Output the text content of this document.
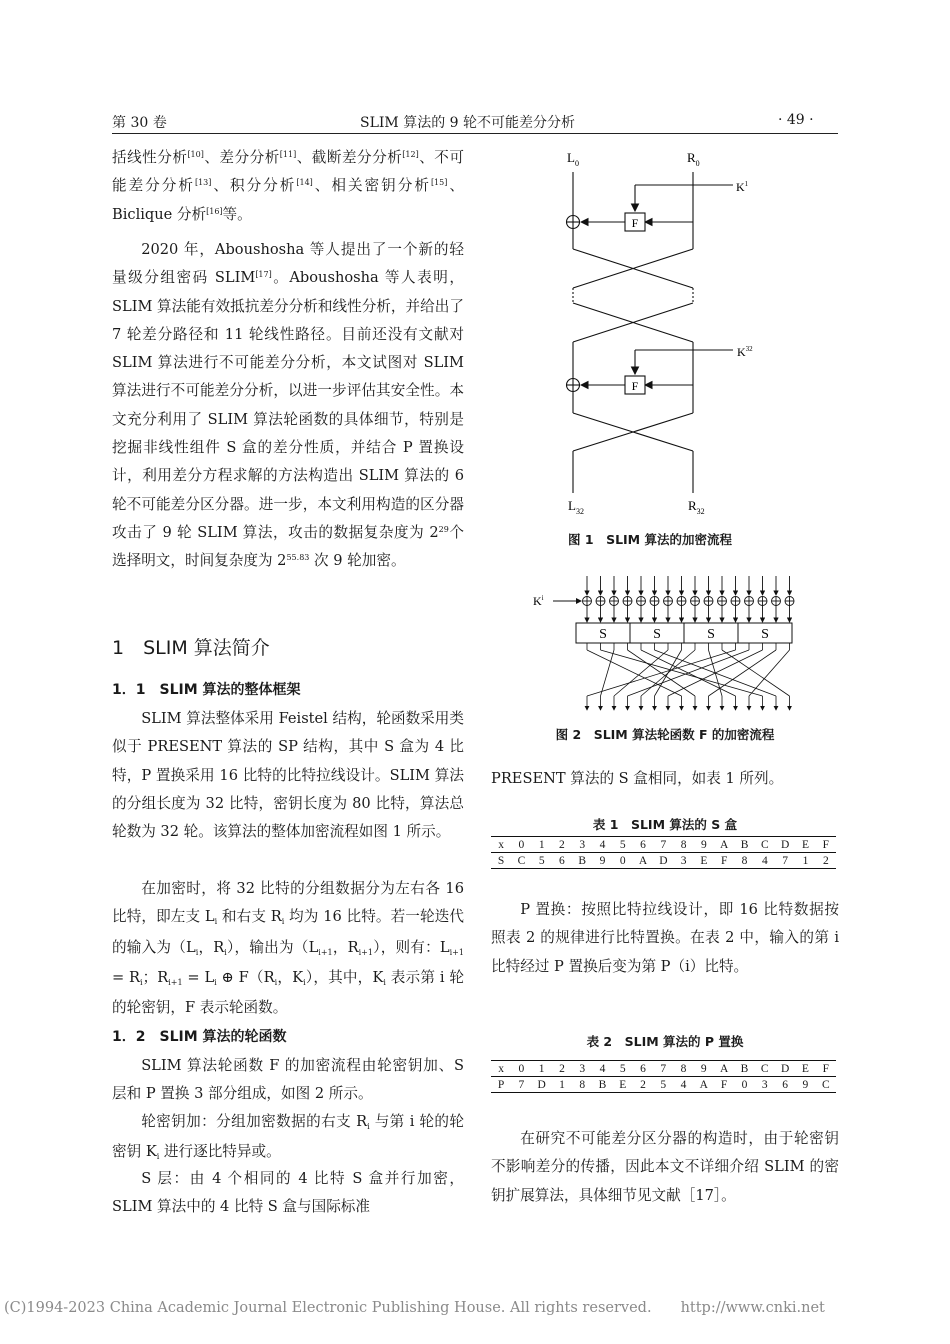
第 30 卷	SLIM 算法的 9 轮不可能差分分析	· 49 ·
括线性分析[10]、差分分析[11]、截断差分分析[12]、不可能差分分析[13]、积分分析[14]、相关密钥分析[15]、Biclique 分析[16]等。
2020 年，Aboushosha 等人提出了一个新的轻量级分组密码 SLIM[17]。Aboushosha 等人表明，SLIM 算法能有效抵抗差分分析和线性分析，并给出了 7 轮差分路径和 11 轮线性路径。目前还没有文献对 SLIM 算法进行不可能差分分析，本文试图对 SLIM 算法进行不可能差分分析，以进一步评估其安全性。本文充分利用了 SLIM 算法轮函数的具体细节，特别是挖掘非线性组件 S 盒的差分性质，并结合 P 置换设计，利用差分方程求解的方法构造出 SLIM 算法的 6 轮不可能差分区分器。进一步，本文利用构造的区分器攻击了 9 轮 SLIM 算法，攻击的数据复杂度为 $2^{29}$个选择明文，时间复杂度为 $2^{55.83}$ 次 9 轮加密。
1　SLIM 算法简介
1．1　SLIM 算法的整体框架
SLIM 算法整体采用 Feistel 结构，轮函数采用类似于 PRESENT 算法的 SP 结构，其中 S 盒为 4 比特，P 置换采用 16 比特的比特拉线设计。SLIM 算法的分组长度为 32 比特，密钥长度为 80 比特，算法总轮数为 32 轮。该算法的整体加密流程如图 1 所示。
在加密时，将 32 比特的分组数据分为左右各 16 比特，即左支 $L_i$ 和右支 $R_i$ 均为 16 比特。若一轮迭代的输入为（$L_i$，$R_i$），输出为（$L_{i+1}$，$R_{i+1}$），则有：$L_{i+1} = R_i$；$R_{i+1} = L_i$ ⊕ $F(R_i$，$K_i$），其中，$K_i$ 表示第 i 轮的轮密钥，F 表示轮函数。
1．2　SLIM 算法的轮函数
SLIM 算法轮函数 F 的加密流程由轮密钥加、S 层和 P 置换 3 部分组成，如图 2 所示。
轮密钥加：分组加密数据的右支 $R_i$ 与第 i 轮的轮密钥 $K_i$ 进行逐比特异或。
S 层：由 4 个相同的 4 比特 S 盒并行加密，SLIM 算法中的 4 比特 S 盒与国际标准
$L_0$	$R_0$
$K^1$
$K^{32}$
$L_{32}$	$R_{32}$
F
F
图 1　SLIM 算法的加密流程
$K^i$
S	S	S	S
图 2　SLIM 算法轮函数 F 的加密流程
PRESENT 算法的 S 盒相同，如表 1 所列。
表 1　SLIM 算法的 S 盒
x	0	1	2	3	4	5	6	7	8	9	A	B	C	D	E	F
S	C	5	6	B	9	0	A	D	3	E	F	8	4	7	1	2
P 置换：按照比特拉线设计，即 16 比特数据按照表 2 的规律进行比特置换。在表 2 中，输入的第 i 比特经过 P 置换后变为第 P（i）比特。
表 2　SLIM 算法的 P 置换
x	0	1	2	3	4	5	6	7	8	9	A	B	C	D	E	F
P	7	D	1	8	B	E	2	5	4	A	F	0	3	6	9	C
在研究不可能差分区分器的构造时，由于轮密钥不影响差分的传播，因此本文不详细介绍 SLIM 的密钥扩展算法，具体细节见文献［17］。
(C)1994-2023 China Academic Journal Electronic Publishing House. All rights reserved.　　http://www.cnki.net
